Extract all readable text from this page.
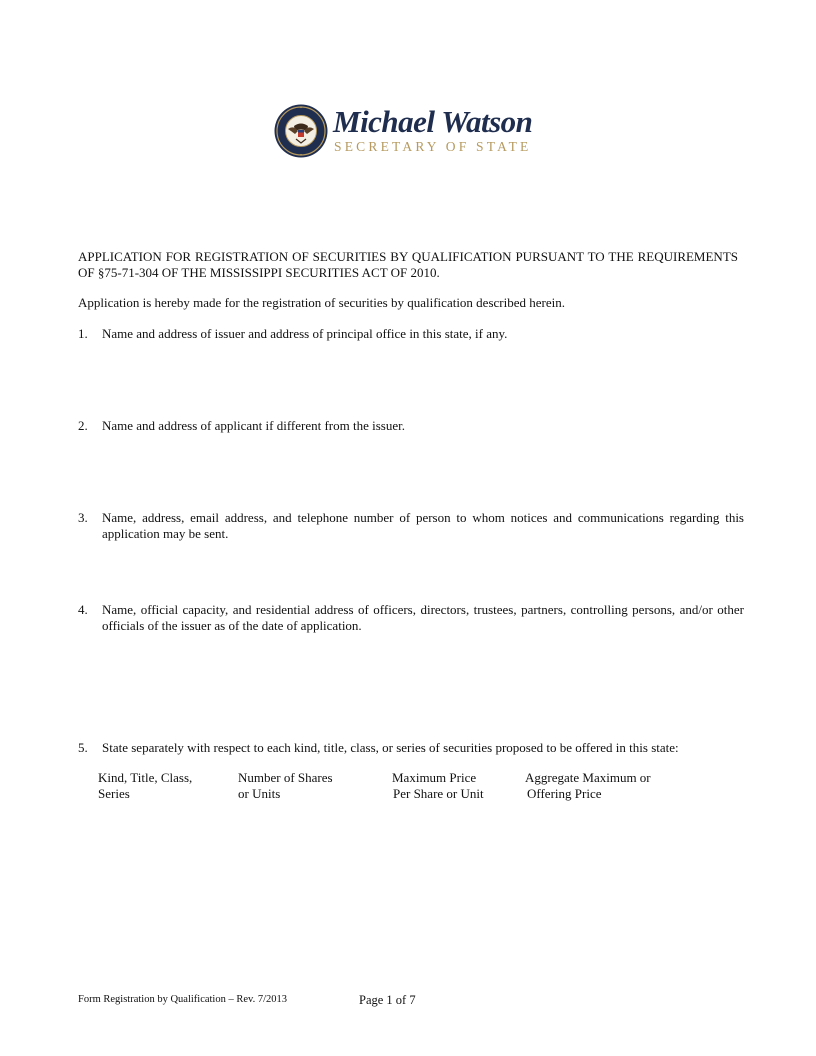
Michael Watson
SECRETARY OF STATE
APPLICATION FOR REGISTRATION OF SECURITIES BY QUALIFICATION PURSUANT TO THE REQUIREMENTS OF §75-71-304 OF THE MISSISSIPPI SECURITIES ACT OF 2010.
Application is hereby made for the registration of securities by qualification described herein.
1. Name and address of issuer and address of principal office in this state, if any.
2. Name and address of applicant if different from the issuer.
3. Name, address, email address, and telephone number of person to whom notices and communications regarding this application may be sent.
4. Name, official capacity, and residential address of officers, directors, trustees, partners, controlling persons, and/or other officials of the issuer as of the date of application.
5. State separately with respect to each kind, title, class, or series of securities proposed to be offered in this state:
Kind, Title, Class,
Series
Number of Shares
or Units
Maximum Price
Per Share or Unit
Aggregate Maximum or
Offering Price
Form Registration by Qualification – Rev. 7/2013	Page 1 of 7
